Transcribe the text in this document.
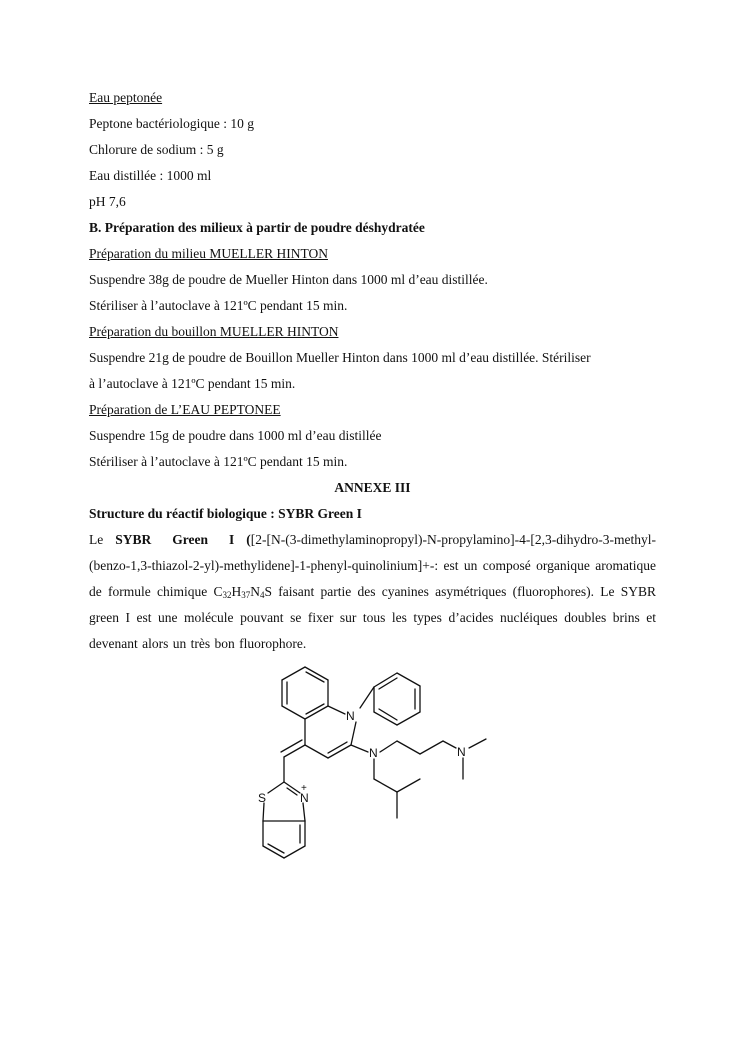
Eau peptonée
Peptone bactériologique : 10 g
Chlorure de sodium : 5 g
Eau distillée : 1000 ml
pH 7,6
B. Préparation des milieux à partir de poudre déshydratée
Préparation du milieu MUELLER HINTON
Suspendre 38g de poudre de Mueller Hinton dans 1000 ml d’eau distillée.
Stériliser à l’autoclave à 121ºC pendant 15 min.
Préparation du bouillon MUELLER HINTON
Suspendre 21g de poudre de Bouillon Mueller Hinton dans 1000 ml d’eau distillée. Stériliser
à l’autoclave à 121ºC pendant 15 min.
Préparation de L’EAU PEPTONEE
Suspendre 15g de poudre dans 1000 ml d’eau distillée
Stériliser à l’autoclave à 121ºC pendant 15 min.
ANNEXE III
Structure du réactif biologique : SYBR Green I

Le SYBR Green I ([2-[N-(3-dimethylaminopropyl)-N-propylamino]-4-[2,3-dihydro-3-methyl- (benzo-1,3-thiazol-2-yl)-methylidene]-1-phenyl-quinolinium]+-: est un composé organique aromatique de formule chimique $C_{32}H_{37}N_4S$ faisant partie des cyanines asymétriques (fluorophores). Le SYBR green I est une molécule pouvant se fixer sur tous les types d’acides nucléiques doubles brins et devenant alors un très bon fluorophore.

N
N	N
S	N
+
